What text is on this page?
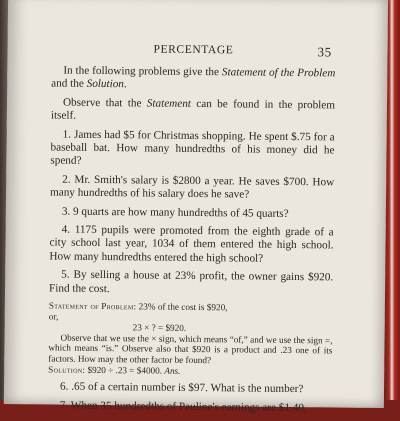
PERCENTAGE	35

In the following problems give the Statement of the Problem and the Solution.

Observe that the Statement can be found in the problem itself.

1. James had $5 for Christmas shopping. He spent $.75 for a baseball bat. How many hundredths of his money did he spend?

2. Mr. Smith's salary is $2800 a year. He saves $700. How many hundredths of his salary does he save?

3. 9 quarts are how many hundredths of 45 quarts?

4. 1175 pupils were promoted from the eighth grade of a city school last year, 1034 of them entered the high school. How many hundredths entered the high school?

5. By selling a house at 23% profit, the owner gains $920. Find the cost.

Statement of Problem: 23% of the cost is $920,

or,

23 × ? = $920.

Observe that we use the × sign, which means “of,” and we use the sign =, which means “is.” Observe also that $920 is a product and .23 one of its factors. How may the other factor be found?

Solution: $920 ÷ .23 = $4000. Ans.

6. .65 of a certain number is $97. What is the number?

7. When 35 hundredths of Pauline's earnings are $1.40,
